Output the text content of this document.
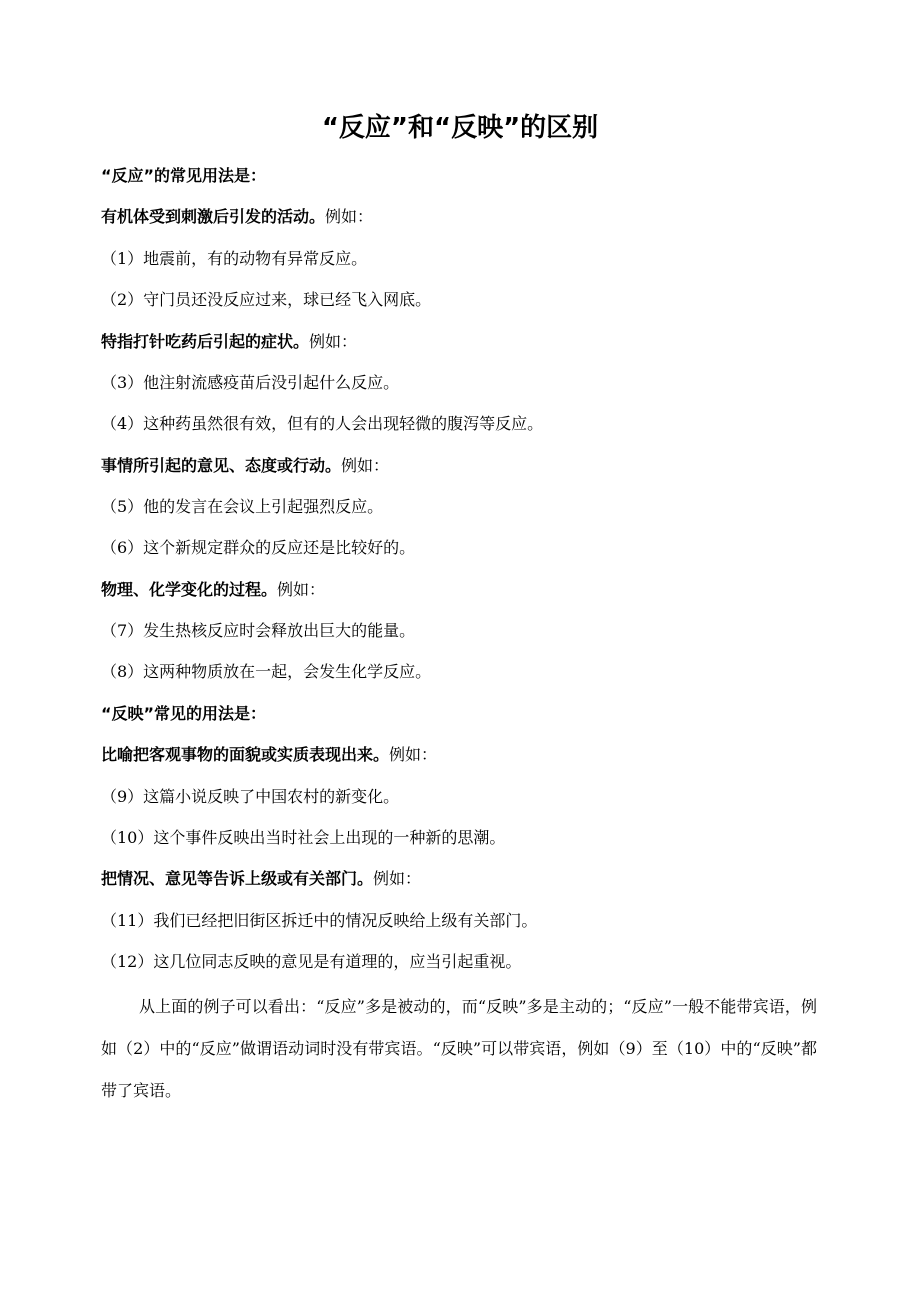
“反应”和“反映”的区别

“反应”的常见用法是：

有机体受到刺激后引发的活动。例如：

（1）地震前，有的动物有异常反应。

（2）守门员还没反应过来，球已经飞入网底。

特指打针吃药后引起的症状。例如：

（3）他注射流感疫苗后没引起什么反应。

（4）这种药虽然很有效，但有的人会出现轻微的腹泻等反应。

事情所引起的意见、态度或行动。例如：

（5）他的发言在会议上引起强烈反应。

（6）这个新规定群众的反应还是比较好的。

物理、化学变化的过程。例如：

（7）发生热核反应时会释放出巨大的能量。

（8）这两种物质放在一起，会发生化学反应。

“反映”常见的用法是：

比喻把客观事物的面貌或实质表现出来。例如：

（9）这篇小说反映了中国农村的新变化。

（10）这个事件反映出当时社会上出现的一种新的思潮。

把情况、意见等告诉上级或有关部门。例如：

（11）我们已经把旧街区拆迁中的情况反映给上级有关部门。

（12）这几位同志反映的意见是有道理的，应当引起重视。

从上面的例子可以看出：“反应”多是被动的，而“反映”多是主动的；“反应”一般不能带宾语，例如（2）中的“反应”做谓语动词时没有带宾语。“反映”可以带宾语，例如（9）至（10）中的“反映”都带了宾语。
